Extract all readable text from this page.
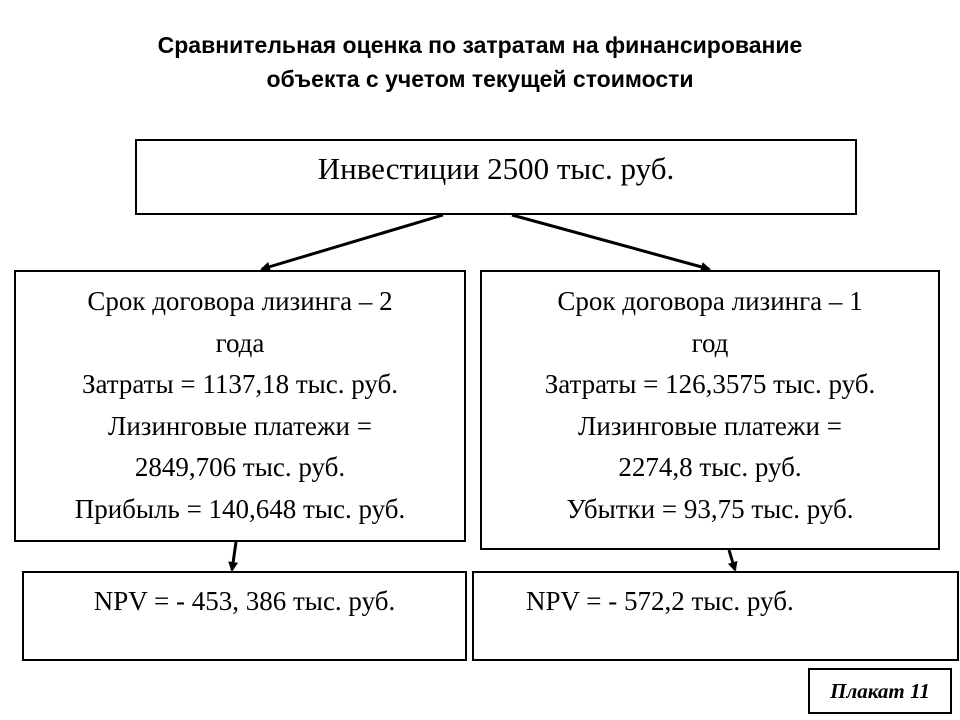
Сравнительная оценка по затратам на финансирование
объекта с учетом текущей стоимости
Инвестиции 2500 тыс. руб.
Срок договора лизинга – 2
года
Затраты = 1137,18 тыс. руб.
Лизинговые платежи =
2849,706 тыс. руб.
Прибыль = 140,648 тыс. руб.
Срок договора лизинга – 1
год
Затраты = 126,3575 тыс. руб.
Лизинговые платежи =
2274,8 тыс. руб.
Убытки = 93,75 тыс. руб.
NPV = - 453, 386 тыс. руб.	NPV = - 572,2 тыс. руб.
Плакат 11
